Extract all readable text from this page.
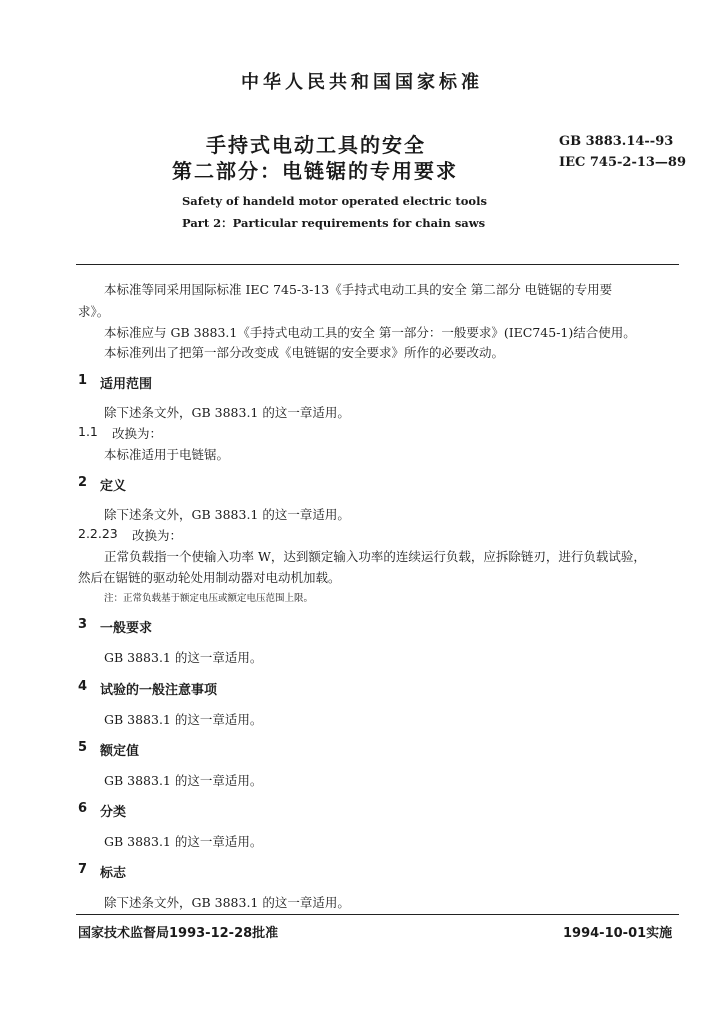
中华人民共和国国家标准
手持式电动工具的安全
第二部分：电链锯的专用要求
GB 3883.14--93
IEC 745-2-13—89
Safety of handeld motor operated electric tools
Part 2：Particular requirements for chain saws
本标准等同采用国际标准 IEC 745-3-13《手持式电动工具的安全 第二部分 电链锯的专用要
求》。
本标准应与 GB 3883.1《手持式电动工具的安全 第一部分：一般要求》(IEC745-1)结合使用。
本标准列出了把第一部分改变成《电链锯的安全要求》所作的必要改动。
1 适用范围
除下述条文外，GB 3883.1 的这一章适用。
1.1 改换为：
本标准适用于电链锯。
2 定义
除下述条文外，GB 3883.1 的这一章适用。
2.2.23 改换为：
正常负载指一个使输入功率 W，达到额定输入功率的连续运行负载，应拆除链刃，进行负载试验，
然后在锯链的驱动轮处用制动器对电动机加载。
注：正常负载基于额定电压或额定电压范围上限。
3 一般要求
GB 3883.1 的这一章适用。
4 试验的一般注意事项
GB 3883.1 的这一章适用。
5 额定值
GB 3883.1 的这一章适用。
6 分类
GB 3883.1 的这一章适用。
7 标志
除下述条文外，GB 3883.1 的这一章适用。
国家技术监督局1993-12-28批准	1994-10-01实施
